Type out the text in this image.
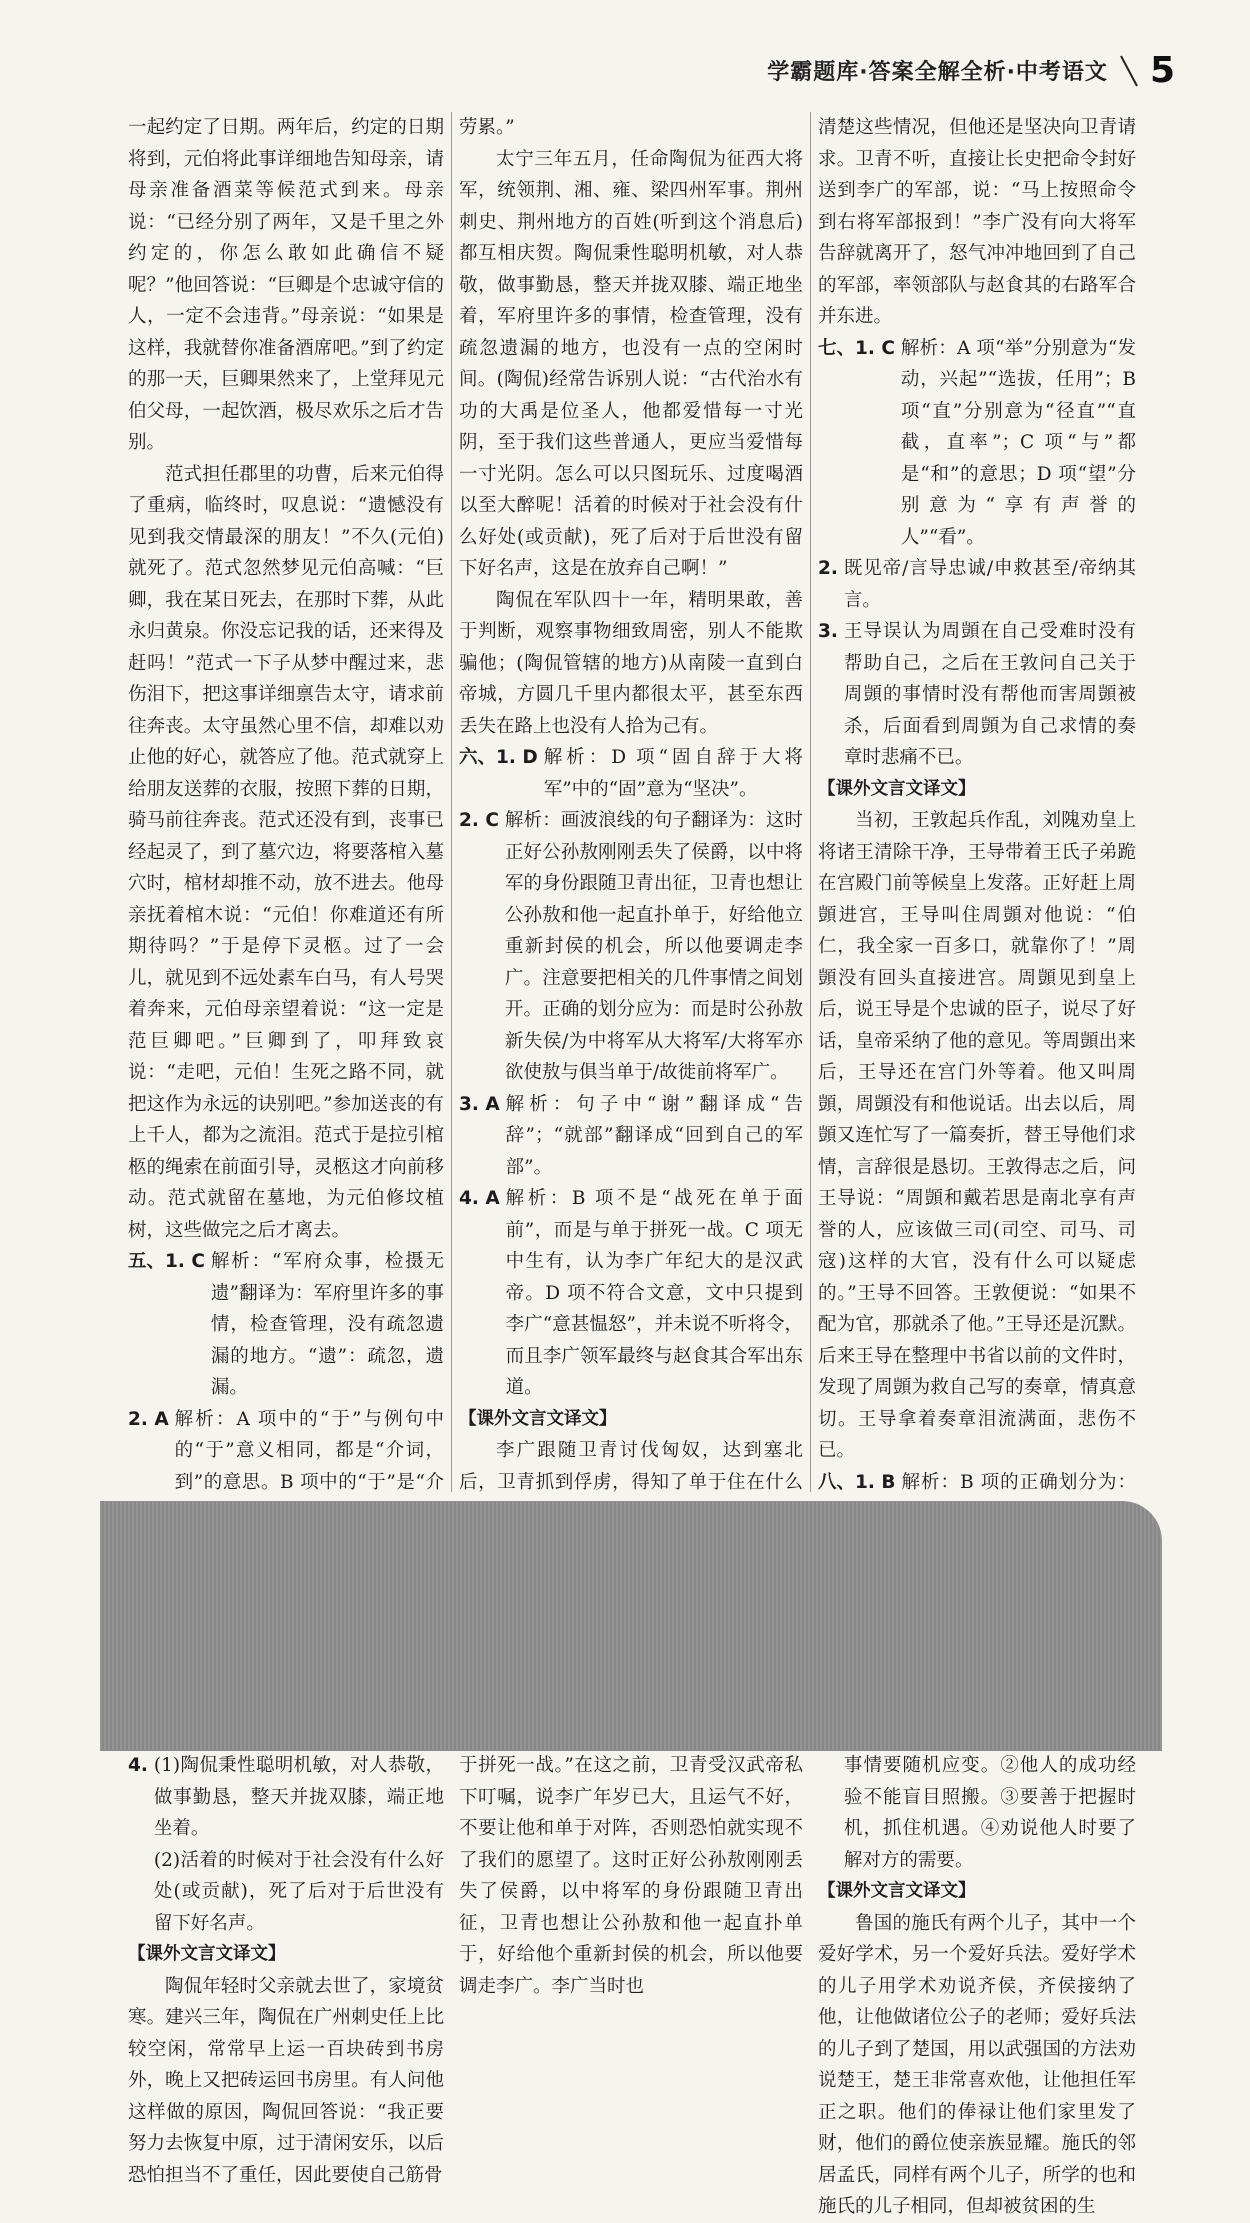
学霸题库·答案全解全析·中考语文 5

一起约定了日期。两年后，约定的日期将到，元伯将此事详细地告知母亲，请母亲准备酒菜等候范式到来。母亲说：“已经分别了两年，又是千里之外约定的，你怎么敢如此确信不疑呢？”他回答说：“巨卿是个忠诚守信的人，一定不会违背。”母亲说：“如果是这样，我就替你准备酒席吧。”到了约定的那一天，巨卿果然来了，上堂拜见元伯父母，一起饮酒，极尽欢乐之后才告别。

范式担任郡里的功曹，后来元伯得了重病，临终时，叹息说：“遗憾没有见到我交情最深的朋友！”不久(元伯)就死了。范式忽然梦见元伯高喊：“巨卿，我在某日死去，在那时下葬，从此永归黄泉。你没忘记我的话，还来得及赶吗！”范式一下子从梦中醒过来，悲伤泪下，把这事详细禀告太守，请求前往奔丧。太守虽然心里不信，却难以劝止他的好心，就答应了他。范式就穿上给朋友送葬的衣服，按照下葬的日期，骑马前往奔丧。范式还没有到，丧事已经起灵了，到了墓穴边，将要落棺入墓穴时，棺材却推不动，放不进去。他母亲抚着棺木说：“元伯！你难道还有所期待吗？”于是停下灵柩。过了一会儿，就见到不远处素车白马，有人号哭着奔来，元伯母亲望着说：“这一定是范巨卿吧。”巨卿到了，叩拜致哀说：“走吧，元伯！生死之路不同，就把这作为永远的诀别吧。”参加送丧的有上千人，都为之流泪。范式于是拉引棺柩的绳索在前面引导，灵柩这才向前移动。范式就留在墓地，为元伯修坟植树，这些做完之后才离去。

五、1. C 解析：“军府众事，检摄无遗”翻译为：军府里许多的事情，检查管理，没有疏忽遗漏的地方。“遗”：疏忽，遗漏。
2. A 解析：A 项中的“于”与例句中的“于”意义相同，都是“介词，到”的意思。B 项中的“于”是“介
4. (1)陶侃秉性聪明机敏，对人恭敬，做事勤恳，整天并拢双膝，端正地坐着。
(2)活着的时候对于社会没有什么好处(或贡献)，死了后对于后世没有留下好名声。
【课外文言文译文】

陶侃年轻时父亲就去世了，家境贫寒。建兴三年，陶侃在广州刺史任上比较空闲，常常早上运一百块砖到书房外，晚上又把砖运回书房里。有人问他这样做的原因，陶侃回答说：“我正要努力去恢复中原，过于清闲安乐，以后恐怕担当不了重任，因此要使自己筋骨

劳累。”

太宁三年五月，任命陶侃为征西大将军，统领荆、湘、雍、梁四州军事。荆州刺史、荆州地方的百姓(听到这个消息后)都互相庆贺。陶侃秉性聪明机敏，对人恭敬，做事勤恳，整天并拢双膝、端正地坐着，军府里许多的事情，检查管理，没有疏忽遗漏的地方，也没有一点的空闲时间。(陶侃)经常告诉别人说：“古代治水有功的大禹是位圣人，他都爱惜每一寸光阴，至于我们这些普通人，更应当爱惜每一寸光阴。怎么可以只图玩乐、过度喝酒以至大醉呢！活着的时候对于社会没有什么好处(或贡献)，死了后对于后世没有留下好名声，这是在放弃自己啊！”

陶侃在军队四十一年，精明果敢，善于判断，观察事物细致周密，别人不能欺骗他；(陶侃管辖的地方)从南陵一直到白帝城，方圆几千里内都很太平，甚至东西丢失在路上也没有人拾为己有。

六、1. D 解析：D 项“固自辞于大将军”中的“固”意为“坚决”。
2. C 解析：画波浪线的句子翻译为：这时正好公孙敖刚刚丢失了侯爵，以中将军的身份跟随卫青出征，卫青也想让公孙敖和他一起直扑单于，好给他立重新封侯的机会，所以他要调走李广。注意要把相关的几件事情之间划开。正确的划分应为：而是时公孙敖新失侯/为中将军从大将军/大将军亦欲使敖与俱当单于/故徙前将军广。
3. A 解析：句子中“谢”翻译成“告辞”；“就部”翻译成“回到自己的军部”。
4. A 解析：B 项不是“战死在单于面前”，而是与单于拼死一战。C 项无中生有，认为李广年纪大的是汉武帝。D 项不符合文意，文中只提到李广“意甚愠怒”，并未说不听将令，而且李广领军最终与赵食其合军出东道。
【课外文言文译文】

李广跟随卫青讨伐匈奴，达到塞北后，卫青抓到俘虏，得知了单于住在什么 于拼死一战。”在这之前，卫青受汉武帝私下叮嘱，说李广年岁已大，且运气不好，不要让他和单于对阵，否则恐怕就实现不了我们的愿望了。这时正好公孙敖刚刚丢失了侯爵，以中将军的身份跟随卫青出征，卫青也想让公孙敖和他一起直扑单于，好给他个重新封侯的机会，所以他要调走李广。李广当时也

清楚这些情况，但他还是坚决向卫青请求。卫青不听，直接让长史把命令封好送到李广的军部，说：“马上按照命令到右将军部报到！”李广没有向大将军告辞就离开了，怒气冲冲地回到了自己的军部，率领部队与赵食其的右路军合并东进。

七、1. C 解析：A 项“举”分别意为“发动，兴起”“选拔，任用”；B 项“直”分别意为“径直”“直截，直率”；C 项“与”都是“和”的意思；D 项“望”分别意为“享有声誉的人”“看”。
2. 既见帝/言导忠诚/申救甚至/帝纳其言。
3. 王导误认为周顗在自己受难时没有帮助自己，之后在王敦问自己关于周顗的事情时没有帮他而害周顗被杀，后面看到周顗为自己求情的奏章时悲痛不已。
【课外文言文译文】

当初，王敦起兵作乱，刘隗劝皇上将诸王清除干净，王导带着王氏子弟跪在宫殿门前等候皇上发落。正好赶上周顗进宫，王导叫住周顗对他说：“伯仁，我全家一百多口，就靠你了！”周顗没有回头直接进宫。周顗见到皇上后，说王导是个忠诚的臣子，说尽了好话，皇帝采纳了他的意见。等周顗出来后，王导还在宫门外等着。他又叫周顗，周顗没有和他说话。出去以后，周顗又连忙写了一篇奏折，替王导他们求情，言辞很是恳切。王敦得志之后，问王导说：“周顗和戴若思是南北享有声誉的人，应该做三司(司空、司马、司寇)这样的大官，没有什么可以疑虑的。”王导不回答。王敦便说：“如果不配为官，那就杀了他。”王导还是沉默。后来王导在整理中书省以前的文件时，发现了周顗为救自己写的奏章，情真意切。王导拿着奏章泪流满面，悲伤不已。

八、1. B 解析：B 项的正确划分为：
事情要随机应变。②他人的成功经验不能盲目照搬。③要善于把握时机，抓住机遇。④劝说他人时要了解对方的需要。
【课外文言文译文】

鲁国的施氏有两个儿子，其中一个爱好学术，另一个爱好兵法。爱好学术的儿子用学术劝说齐侯，齐侯接纳了他，让他做诸位公子的老师；爱好兵法的儿子到了楚国，用以武强国的方法劝说楚王，楚王非常喜欢他，让他担任军正之职。他们的俸禄让他们家里发了财，他们的爵位使亲族显耀。施氏的邻居孟氏，同样有两个儿子，所学的也和施氏的儿子相同，但却被贫困的生
